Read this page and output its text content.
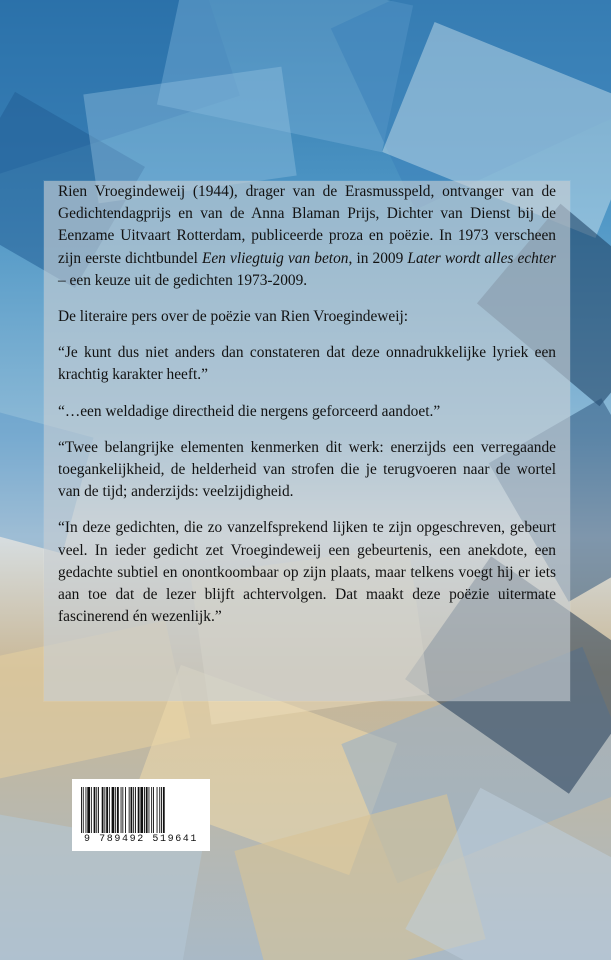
Rien Vroegindeweij (1944), drager van de Erasmusspeld, ontvanger van de Gedichtendagprijs en van de Anna Blaman Prijs, Dichter van Dienst bij de Eenzame Uitvaart Rotterdam, publiceerde proza en poëzie. In 1973 verscheen zijn eerste dichtbundel Een vliegtuig van beton, in 2009 Later wordt alles echter – een keuze uit de gedichten 1973-2009.

De literaire pers over de poëzie van Rien Vroegindeweij:

“Je kunt dus niet anders dan constateren dat deze onnadrukkelijke lyriek een krachtig karakter heeft.”

“…een weldadige directheid die nergens geforceerd aandoet.”

“Twee belangrijke elementen kenmerken dit werk: enerzijds een verregaande toegankelijkheid, de helderheid van strofen die je terugvoeren naar de wortel van de tijd; anderzijds: veelzijdigheid.

“In deze gedichten, die zo vanzelfsprekend lijken te zijn opgeschreven, gebeurt veel. In ieder gedicht zet Vroegindeweij een gebeurtenis, een anekdote, een gedachte subtiel en onontkoombaar op zijn plaats, maar telkens voegt hij er iets aan toe dat de lezer blijft achtervolgen. Dat maakt deze poëzie uitermate fascinerend én wezenlijk.”

9 789492 519641
